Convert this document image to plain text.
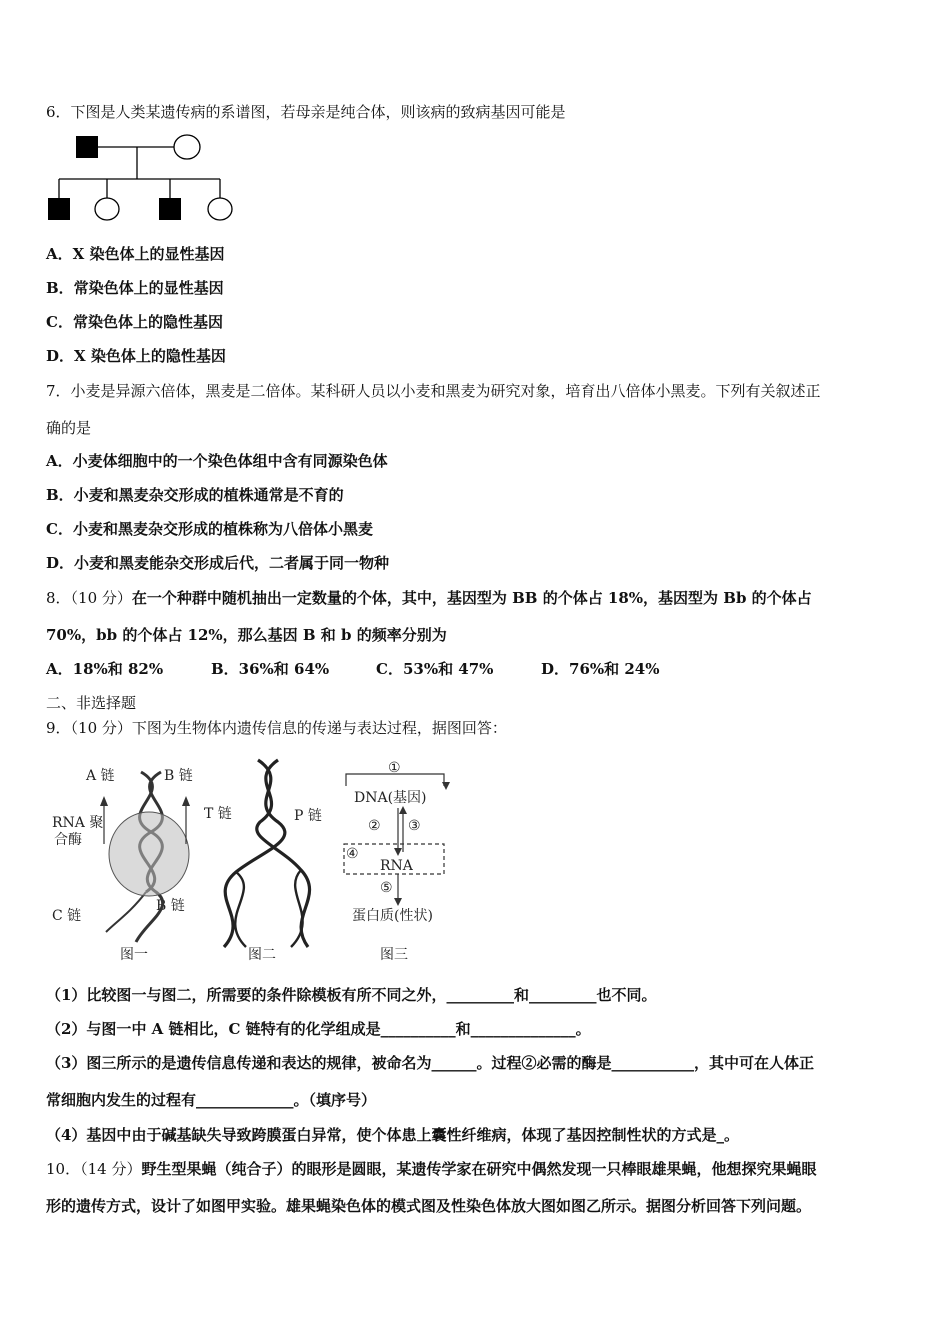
6．下图是人类某遗传病的系谱图，若母亲是纯合体，则该病的致病基因可能是
A．X 染色体上的显性基因
B．常染色体上的显性基因
C．常染色体上的隐性基因
D．X 染色体上的隐性基因
7．小麦是异源六倍体，黑麦是二倍体。某科研人员以小麦和黑麦为研究对象，培育出八倍体小黑麦。下列有关叙述正
确的是
A．小麦体细胞中的一个染色体组中含有同源染色体
B．小麦和黑麦杂交形成的植株通常是不育的
C．小麦和黑麦杂交形成的植株称为八倍体小黑麦
D．小麦和黑麦能杂交形成后代，二者属于同一物种
8．（10 分）在一个种群中随机抽出一定数量的个体，其中，基因型为 BB 的个体占 18%，基因型为 Bb 的个体占
70%，bb 的个体占 12%，那么基因 B 和 b 的频率分别为
A．18%和 82%	B．36%和 64%	C．53%和 47%	D．76%和 24%
二、非选择题
9．（10 分）下图为生物体内遗传信息的传递与表达过程，据图回答：
A 链	B 链
RNA 聚
合酶
C 链
B 链
图一
T 链	P 链
图二
①
DNA(基因)
② ③
④
RNA
⑤
蛋白质(性状)
图三
（1）比较图一与图二，所需要的条件除模板有所不同之外，_________和_________也不同。
（2）与图一中 A 链相比，C 链特有的化学组成是__________和______________。
（3）图三所示的是遗传信息传递和表达的规律，被命名为______。过程②必需的酶是___________，其中可在人体正
常细胞内发生的过程有_____________。（填序号）
（4）基因中由于碱基缺失导致跨膜蛋白异常，使个体患上囊性纤维病，体现了基因控制性状的方式是_。
10．（14 分）野生型果蝇（纯合子）的眼形是圆眼，某遗传学家在研究中偶然发现一只棒眼雄果蝇，他想探究果蝇眼
形的遗传方式，设计了如图甲实验。雄果蝇染色体的模式图及性染色体放大图如图乙所示。据图分析回答下列问题。
